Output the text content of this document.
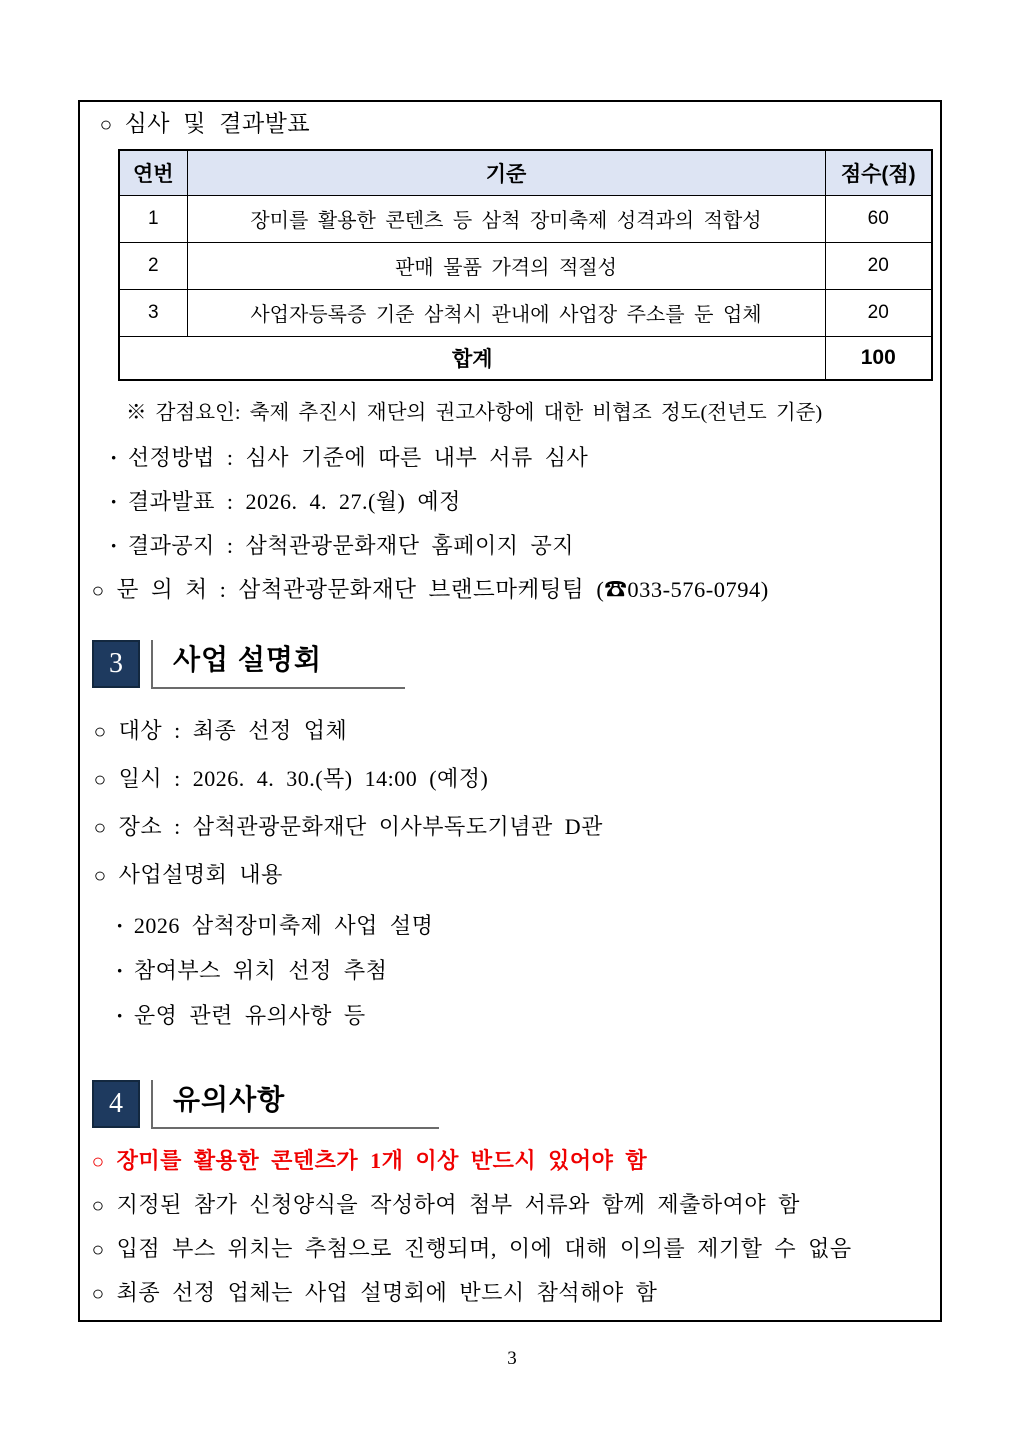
○ 심사 및 결과발표
연번	기준	점수(점)
1	장미를 활용한 콘텐츠 등 삼척 장미축제 성격과의 적합성	60
2	판매 물품 가격의 적절성	20
3	사업자등록증 기준 삼척시 관내에 사업장 주소를 둔 업체	20
합계		100
※ 감점요인: 축제 추진시 재단의 권고사항에 대한 비협조 정도(전년도 기준)
· 선정방법 : 심사 기준에 따른 내부 서류 심사
· 결과발표 : 2026. 4. 27.(월) 예정
· 결과공지 : 삼척관광문화재단 홈페이지 공지
○ 문 의 처 : 삼척관광문화재단 브랜드마케팅팀 (☎033-576-0794)
3	사업 설명회
○ 대상 : 최종 선정 업체
○ 일시 : 2026. 4. 30.(목) 14:00 (예정)
○ 장소 : 삼척관광문화재단 이사부독도기념관 D관
○ 사업설명회 내용
· 2026 삼척장미축제 사업 설명
· 참여부스 위치 선정 추첨
· 운영 관련 유의사항 등
4	유의사항
○ 장미를 활용한 콘텐츠가 1개 이상 반드시 있어야 함
○ 지정된 참가 신청양식을 작성하여 첨부 서류와 함께 제출하여야 함
○ 입점 부스 위치는 추첨으로 진행되며, 이에 대해 이의를 제기할 수 없음
○ 최종 선정 업체는 사업 설명회에 반드시 참석해야 함
3
